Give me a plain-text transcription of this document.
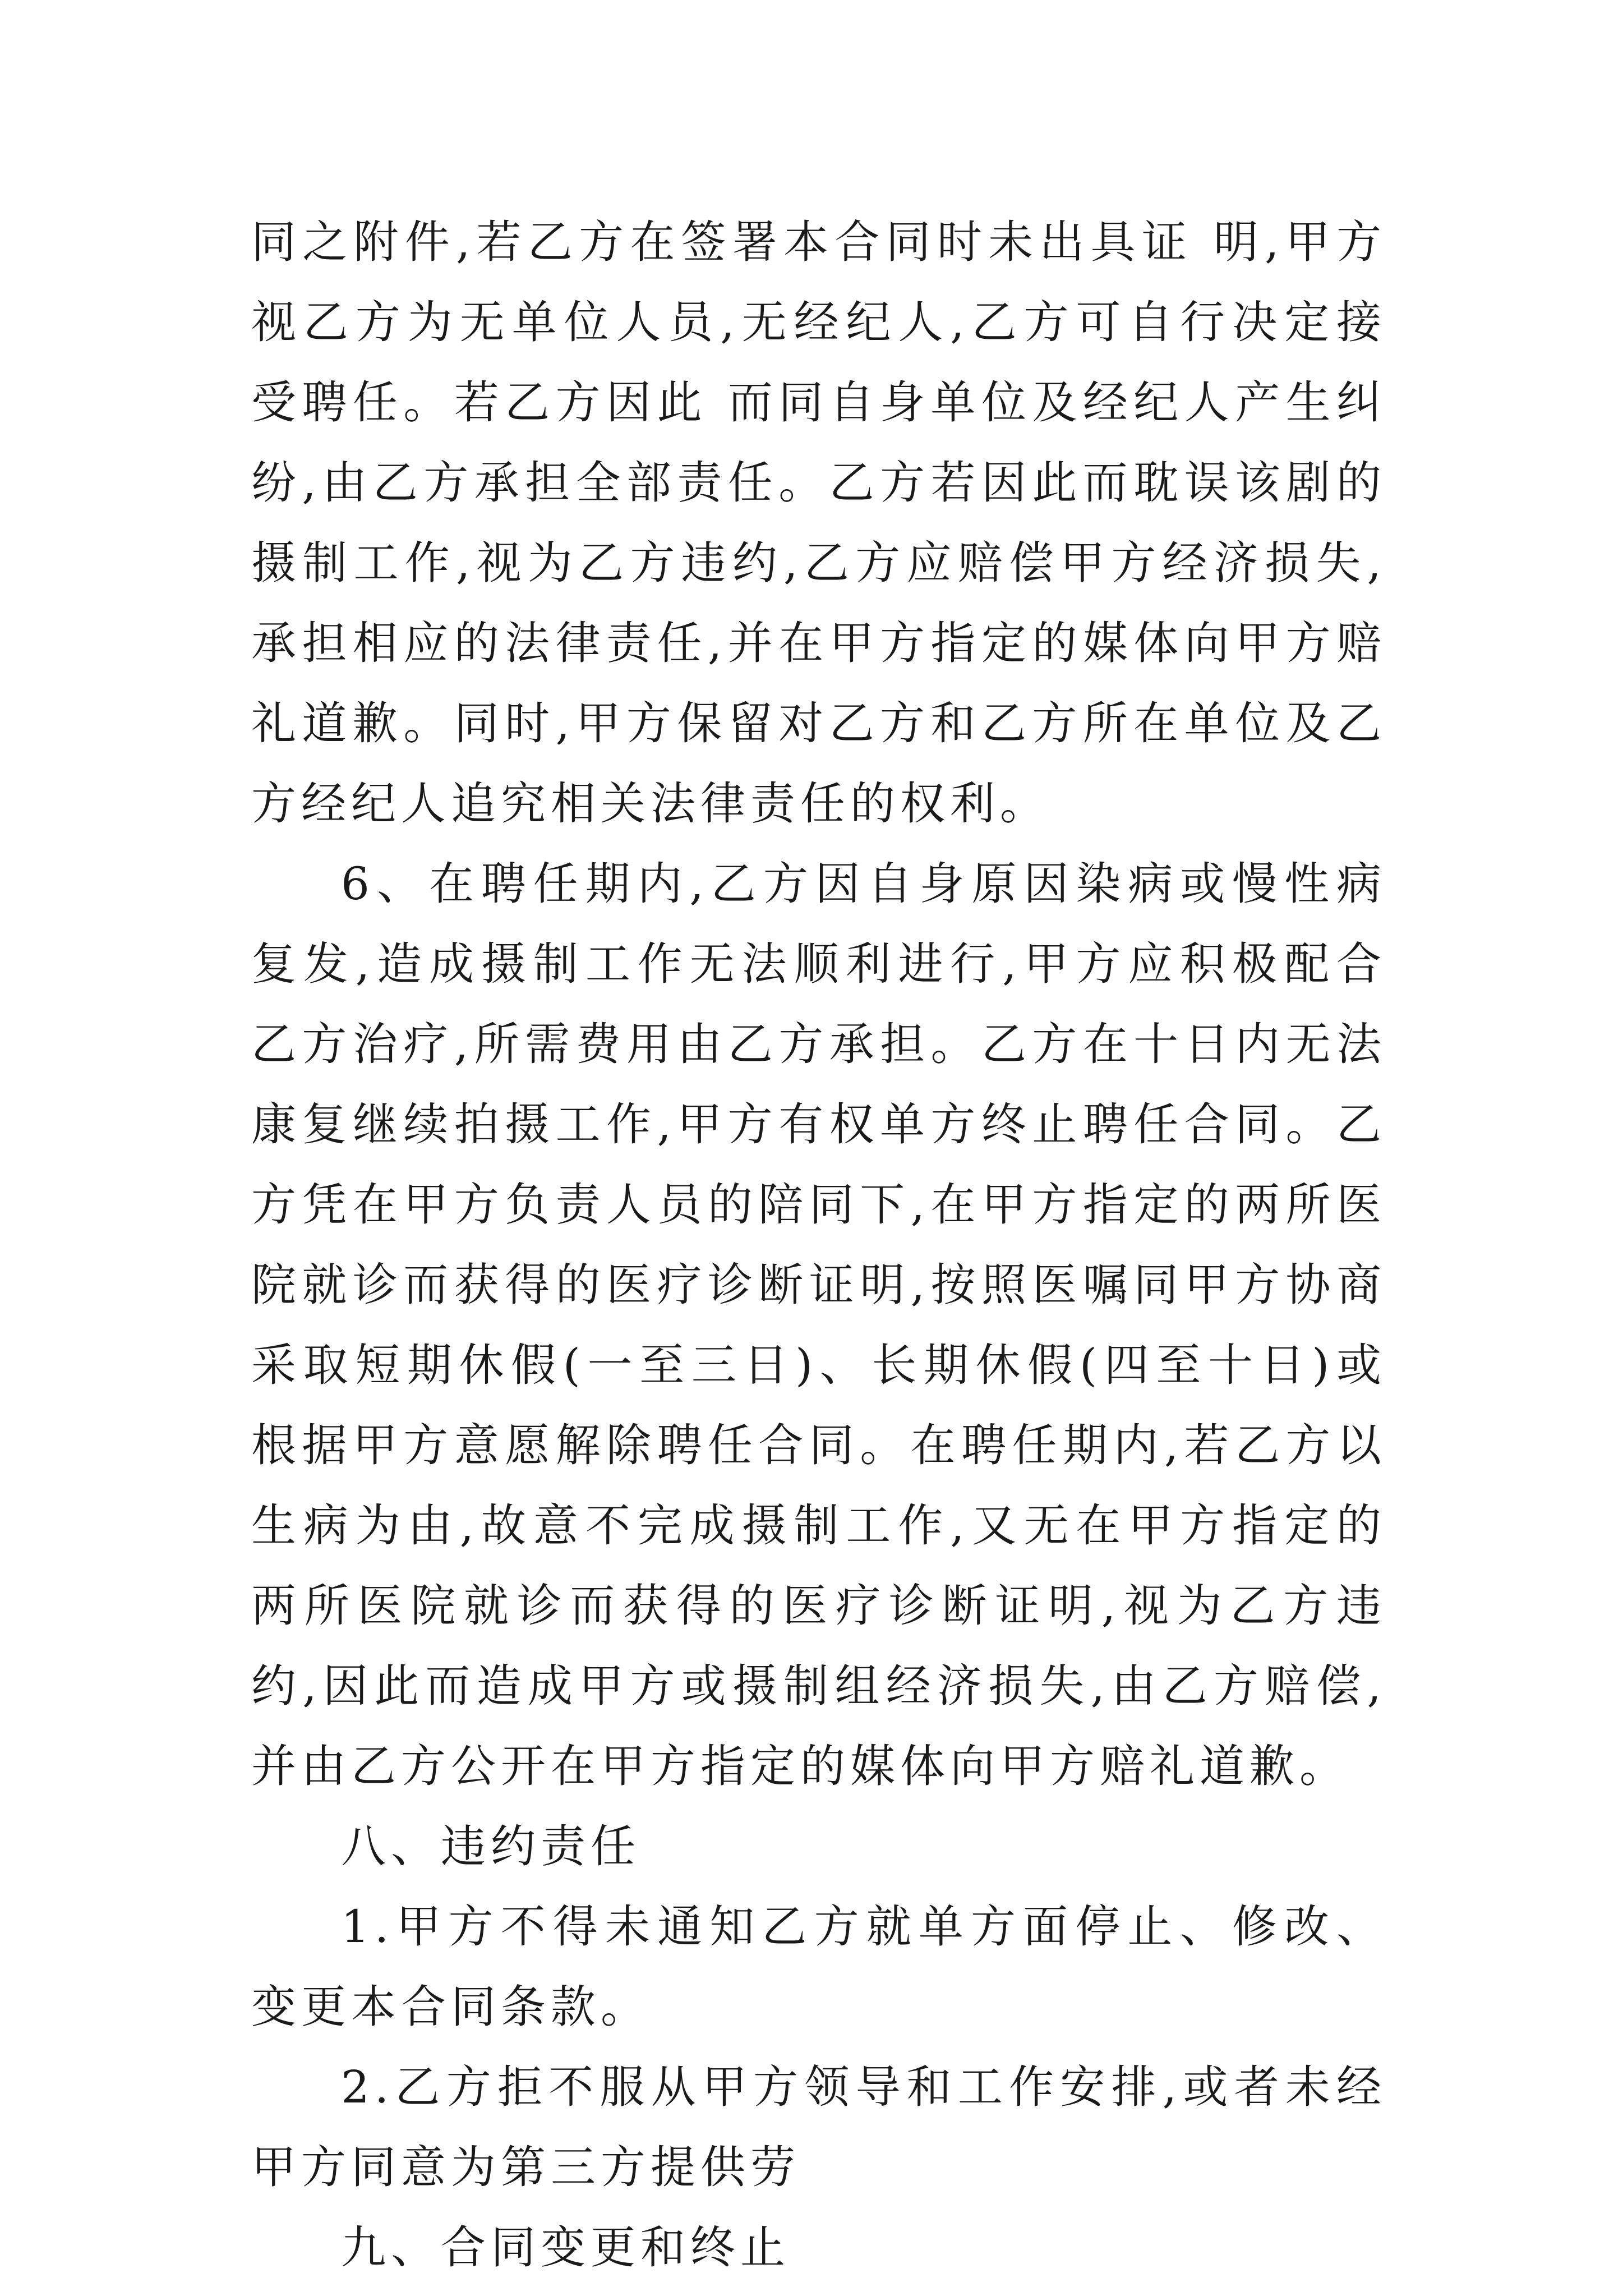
同之附件,若乙方在签署本合同时未出具证 明,甲方视乙方为无单位人员,无经纪人,乙方可自行决定接受聘任。若乙方因此 而同自身单位及经纪人产生纠纷,由乙方承担全部责任。乙方若因此而耽误该剧的摄制工作,视为乙方违约,乙方应赔偿甲方经济损失,承担相应的法律责任,并在甲方指定的媒体向甲方赔礼道歉。同时,甲方保留对乙方和乙方所在单位及乙方经纪人追究相关法律责任的权利。

6、在聘任期内,乙方因自身原因染病或慢性病复发,造成摄制工作无法顺利进行,甲方应积极配合乙方治疗,所需费用由乙方承担。乙方在十日内无法康复继续拍摄工作,甲方有权单方终止聘任合同。乙方凭在甲方负责人员的陪同下,在甲方指定的两所医院就诊而获得的医疗诊断证明,按照医嘱同甲方协商采取短期休假(一至三日)、长期休假(四至十日)或根据甲方意愿解除聘任合同。在聘任期内,若乙方以生病为由,故意不完成摄制工作,又无在甲方指定的两所医院就诊而获得的医疗诊断证明,视为乙方违约,因此而造成甲方或摄制组经济损失,由乙方赔偿,并由乙方公开在甲方指定的媒体向甲方赔礼道歉。

八、违约责任

1.甲方不得未通知乙方就单方面停止、修改、变更本合同条款。

2.乙方拒不服从甲方领导和工作安排,或者未经甲方同意为第三方提供劳

九、合同变更和终止
